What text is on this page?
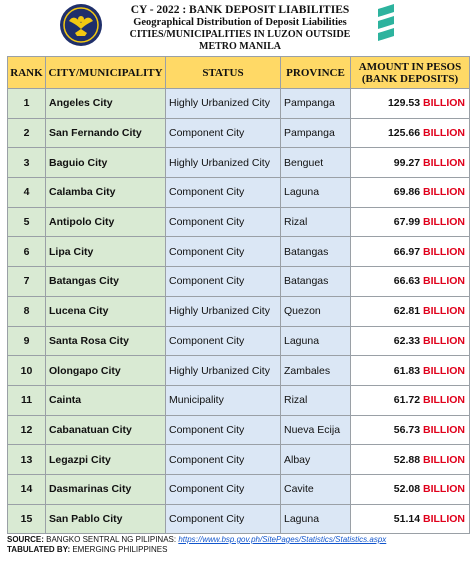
CY - 2022 : BANK DEPOSIT LIABILITIES
Geographical Distribution of Deposit Liabilities
CITIES/MUNICIPALITIES IN LUZON OUTSIDE METRO MANILA
RANK	CITY/MUNICIPALITY	STATUS	PROVINCE	AMOUNT IN PESOS
(BANK DEPOSITS)

1	Angeles City	Highly Urbanized City	Pampanga	129.53 BILLION
2	San Fernando City	Component City	Pampanga	125.66 BILLION
3	Baguio City	Highly Urbanized City	Benguet	99.27 BILLION
4	Calamba City	Component City	Laguna	69.86 BILLION
5	Antipolo City	Component City	Rizal	67.99 BILLION
6	Lipa City	Component City	Batangas	66.97 BILLION
7	Batangas City	Component City	Batangas	66.63 BILLION
8	Lucena City	Highly Urbanized City	Quezon	62.81 BILLION
9	Santa Rosa City	Component City	Laguna	62.33 BILLION
10	Olongapo City	Highly Urbanized City	Zambales	61.83 BILLION
11	Cainta	Municipality	Rizal	61.72 BILLION
12	Cabanatuan City	Component City	Nueva Ecija	56.73 BILLION
13	Legazpi City	Component City	Albay	52.88 BILLION
14	Dasmarinas City	Component City	Cavite	52.08 BILLION
15	San Pablo City	Component City	Laguna	51.14 BILLION
SOURCE: BANGKO SENTRAL NG PILIPINAS: https://www.bsp.gov.ph/SitePages/Statistics/Statistics.aspx
TABULATED BY: EMERGING PHILIPPINES
